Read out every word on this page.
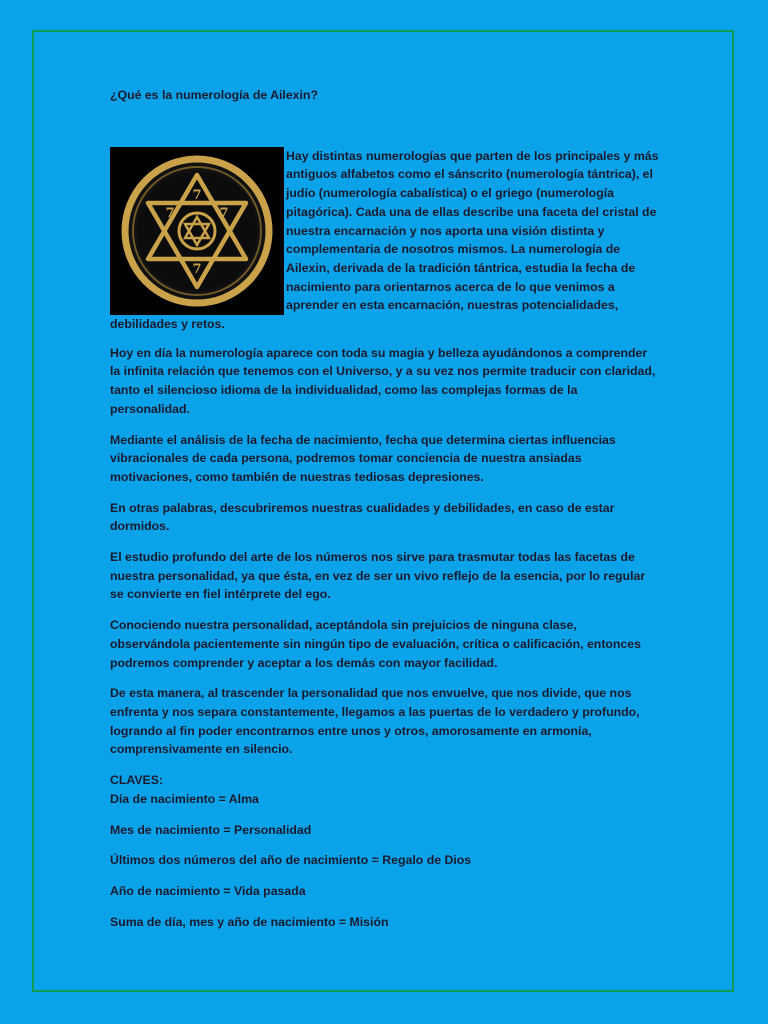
¿Qué es la numerología de Ailexin?
7
7	7
7
Hay distintas numerologías que parten de los principales y más antiguos alfabetos como el sánscrito (numerología tántrica), el judío (numerología cabalística) o el griego (numerología pitagórica). Cada una de ellas describe una faceta del cristal de nuestra encarnación y nos aporta una visión distinta y complementaria de nosotros mismos. La numerología de Ailexin, derivada de la tradición tántrica, estudia la fecha de nacimiento para orientarnos acerca de lo que venimos a aprender en esta encarnación, nuestras potencialidades, debilidades y retos.

Hoy en día la numerología aparece con toda su magia y belleza ayudándonos a comprender la infinita relación que tenemos con el Universo, y a su vez nos permite traducir con claridad, tanto el silencioso idioma de la individualidad, como las complejas formas de la personalidad.

Mediante el análisis de la fecha de nacimiento, fecha que determina ciertas influencias vibracionales de cada persona, podremos tomar conciencia de nuestra ansiadas motivaciones, como también de nuestras tediosas depresiones.

En otras palabras, descubriremos nuestras cualidades y debilidades, en caso de estar dormidos.

El estudio profundo del arte de los números nos sirve para trasmutar todas las facetas de nuestra personalidad, ya que ésta, en vez de ser un vivo reflejo de la esencia, por lo regular se convierte en fiel intérprete del ego.

Conociendo nuestra personalidad, aceptándola sin prejuicios de ninguna clase, observándola pacientemente sin ningún tipo de evaluación, crítica o calificación, entonces podremos comprender y aceptar a los demás con mayor facilidad.

De esta manera, al trascender la personalidad que nos envuelve, que nos divide, que nos enfrenta y nos separa constantemente, llegamos a las puertas de lo verdadero y profundo, logrando al fin poder encontrarnos entre unos y otros, amorosamente en armonía, comprensivamente en silencio.

CLAVES:
Día de nacimiento = Alma
Mes de nacimiento = Personalidad
Últimos dos números del año de nacimiento = Regalo de Dios
Año de nacimiento = Vida pasada
Suma de día, mes y año de nacimiento = Misión
